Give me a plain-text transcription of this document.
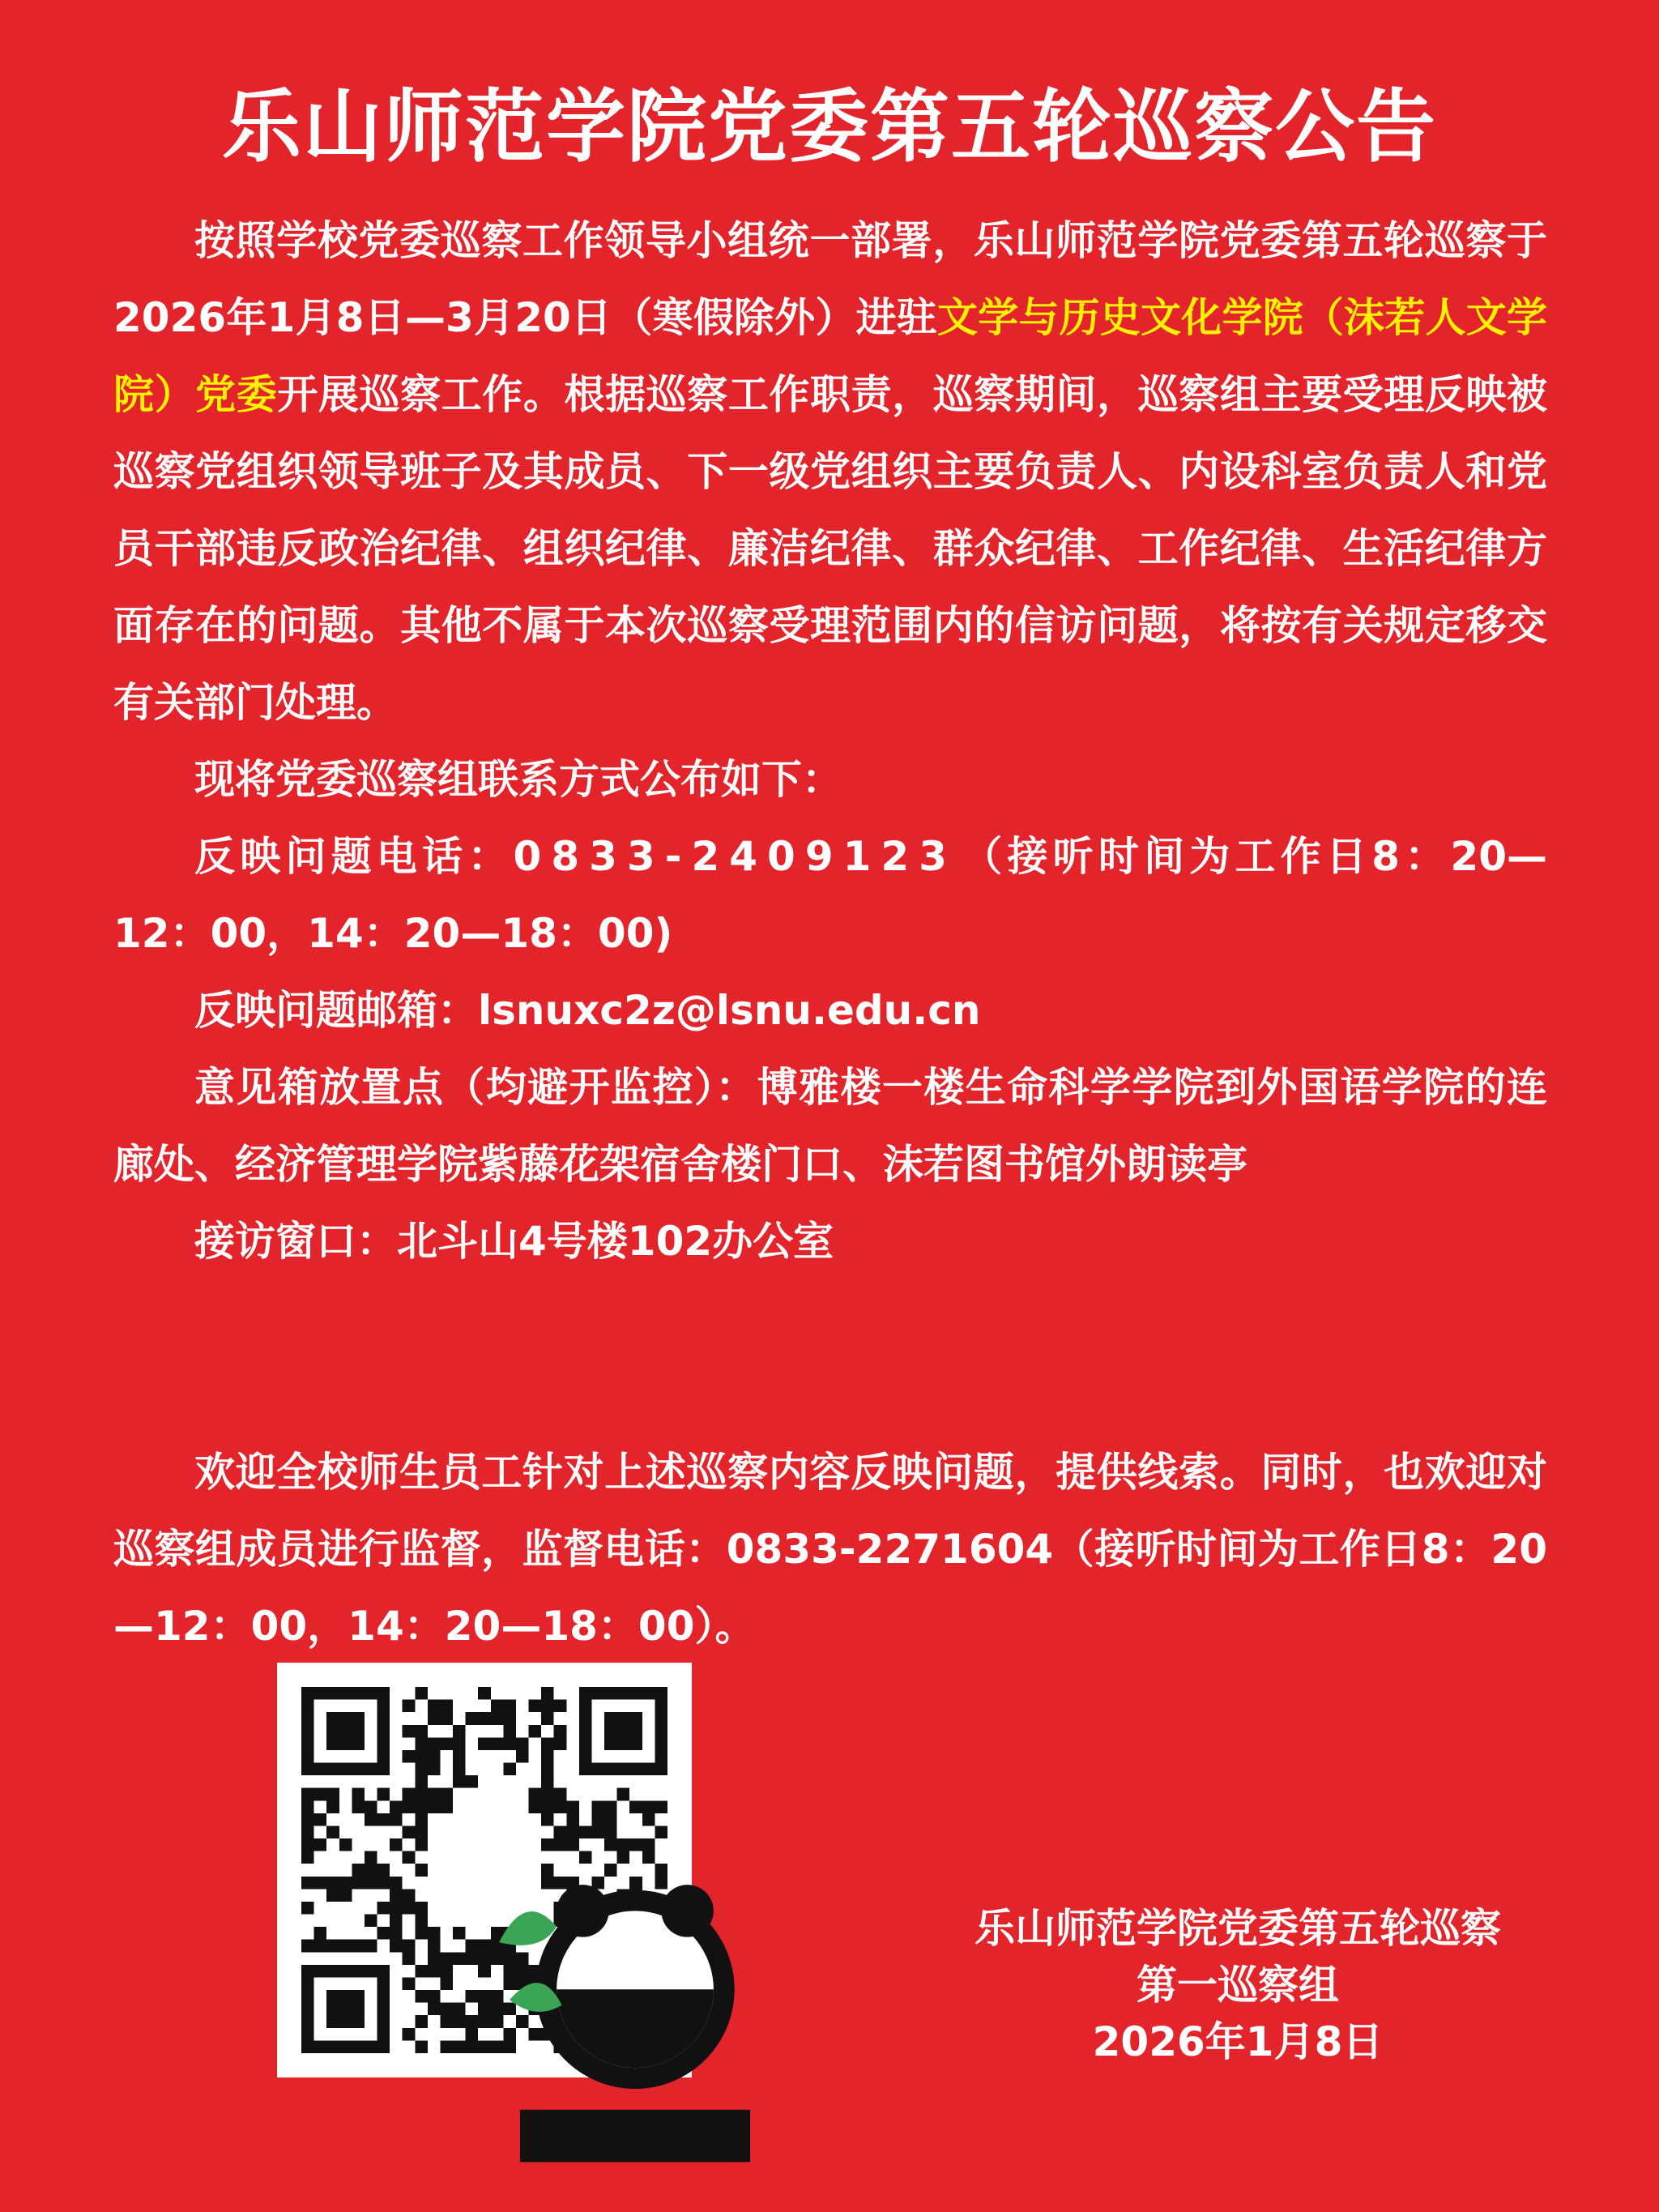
乐山师范学院党委第五轮巡察公告

按照学校党委巡察工作领导小组统一部署，乐山师范学院党委第五轮巡察于2026年1月8日—3月20日（寒假除外）进驻文学与历史文化学院（沫若人文学院）党委开展巡察工作。根据巡察工作职责，巡察期间，巡察组主要受理反映被巡察党组织领导班子及其成员、下一级党组织主要负责人、内设科室负责人和党员干部违反政治纪律、组织纪律、廉洁纪律、群众纪律、工作纪律、生活纪律方面存在的问题。其他不属于本次巡察受理范围内的信访问题，将按有关规定移交有关部门处理。

现将党委巡察组联系方式公布如下：

反映问题电话：0833-2409123（接听时间为工作日8：20—12：00，14：20—18：00)

反映问题邮箱：lsnuxc2z@lsnu.edu.cn

意见箱放置点（均避开监控）：博雅楼一楼生命科学学院到外国语学院的连廊处、经济管理学院紫藤花架宿舍楼门口、沫若图书馆外朗读亭

接访窗口：北斗山4号楼102办公室

欢迎全校师生员工针对上述巡察内容反映问题，提供线索。同时，也欢迎对巡察组成员进行监督，监督电话：0833-2271604（接听时间为工作日8：20—12：00，14：20—18：00）。

乐山师范学院党委第五轮巡察
第一巡察组
2026年1月8日
